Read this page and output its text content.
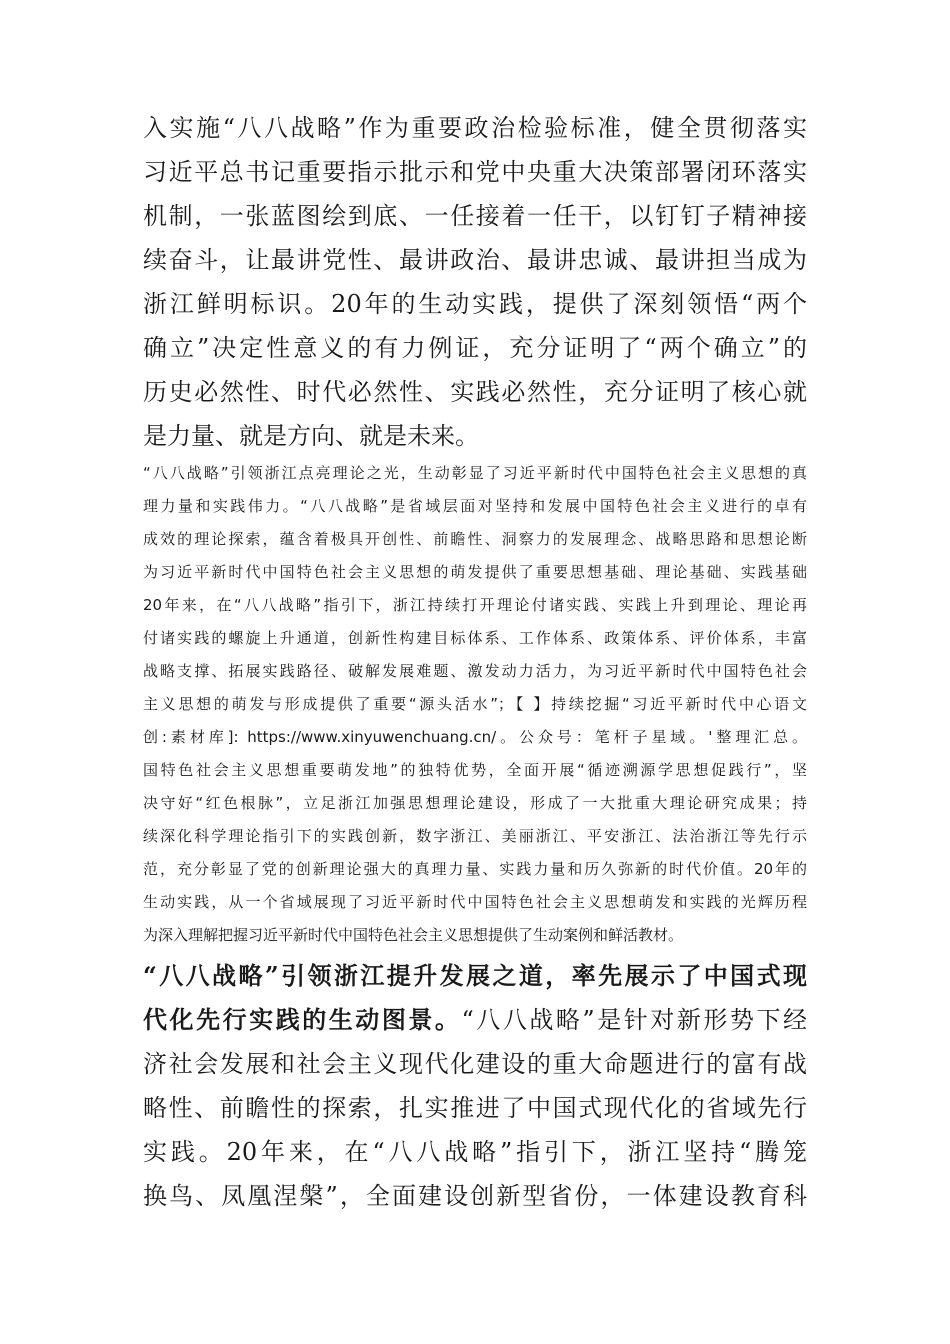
入实施“八八战略”作为重要政治检验标准，健全贯彻落实

习近平总书记重要指示批示和党中央重大决策部署闭环落实

机制，一张蓝图绘到底、一任接着一任干，以钉钉子精神接

续奋斗，让最讲党性、最讲政治、最讲忠诚、最讲担当成为

浙江鲜明标识。20年的生动实践，提供了深刻领悟“两个

确立”决定性意义的有力例证，充分证明了“两个确立”的

历史必然性、时代必然性、实践必然性，充分证明了核心就

是力量、就是方向、就是未来。

“八八战略”引领浙江点亮理论之光，生动彰显了习近平新时代中国特色社会主义思想的真

理力量和实践伟力。“八八战略”是省域层面对坚持和发展中国特色社会主义进行的卓有

成效的理论探索，蕴含着极具开创性、前瞻性、洞察力的发展理念、战略思路和思想论断

为习近平新时代中国特色社会主义思想的萌发提供了重要思想基础、理论基础、实践基础

20年来，在“八八战略”指引下，浙江持续打开理论付诸实践、实践上升到理论、理论再

付诸实践的螺旋上升通道，创新性构建目标体系、工作体系、政策体系、评价体系，丰富

战略支撑、拓展实践路径、破解发展难题、激发动力活力，为习近平新时代中国特色社会

主义思想的萌发与形成提供了重要“源头活水”；【 】持续挖掘“习近平新时代中心语文

创:素材库]: https://www.xinyuwenchuang.cn/。公众号：笔杆子星域。'整理汇总。

国特色社会主义思想重要萌发地”的独特优势，全面开展“循迹溯源学思想促践行”，坚

决守好“红色根脉”，立足浙江加强思想理论建设，形成了一大批重大理论研究成果；持

续深化科学理论指引下的实践创新，数字浙江、美丽浙江、平安浙江、法治浙江等先行示

范，充分彰显了党的创新理论强大的真理力量、实践力量和历久弥新的时代价值。20年的

生动实践，从一个省域展现了习近平新时代中国特色社会主义思想萌发和实践的光辉历程

为深入理解把握习近平新时代中国特色社会主义思想提供了生动案例和鲜活教材。

“八八战略”引领浙江提升发展之道，率先展示了中国式现

代化先行实践的生动图景。“八八战略”是针对新形势下经

济社会发展和社会主义现代化建设的重大命题进行的富有战

略性、前瞻性的探索，扎实推进了中国式现代化的省域先行

实践。20年来，在“八八战略”指引下，浙江坚持“腾笼

换鸟、凤凰涅槃”，全面建设创新型省份，一体建设教育科
